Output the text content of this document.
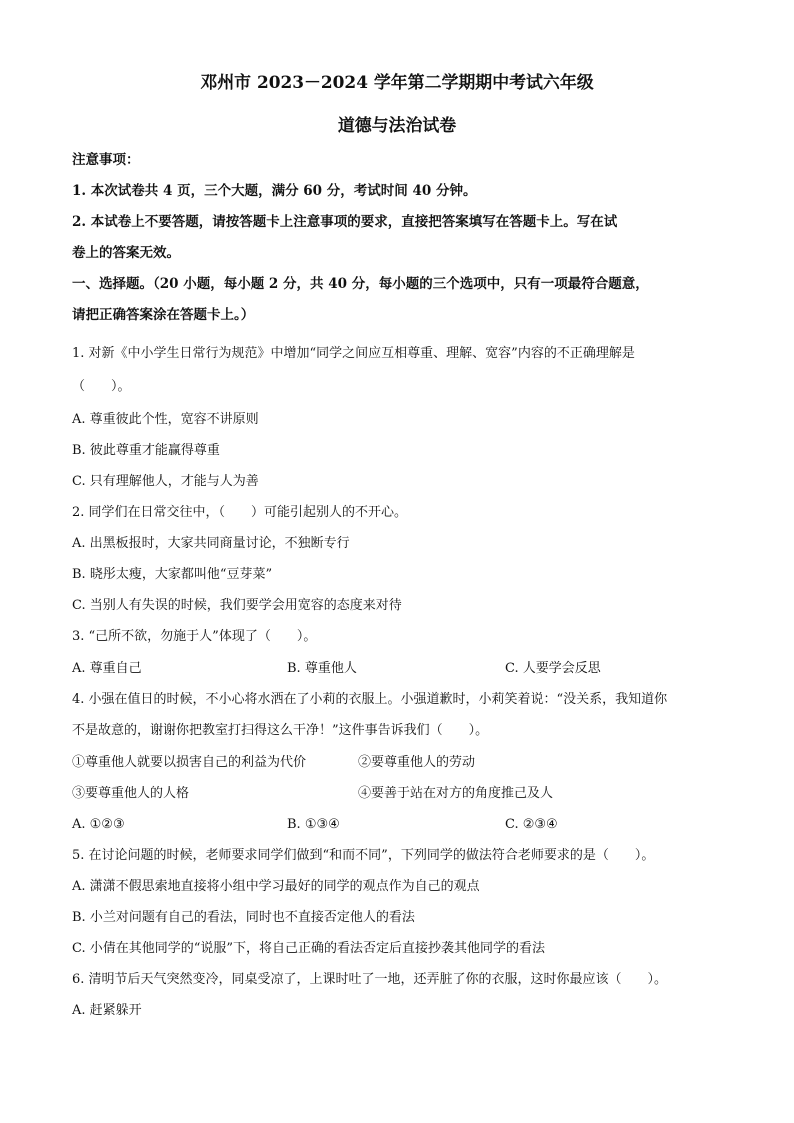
邓州市 2023－2024 学年第二学期期中考试六年级
道德与法治试卷
注意事项：
1. 本次试卷共 4 页，三个大题，满分 60 分，考试时间 40 分钟。
2. 本试卷上不要答题，请按答题卡上注意事项的要求，直接把答案填写在答题卡上。写在试
卷上的答案无效。
一、选择题。（20 小题，每小题 2 分，共 40 分，每小题的三个选项中，只有一项最符合题意，
请把正确答案涂在答题卡上。）
1. 对新《中小学生日常行为规范》中增加“同学之间应互相尊重、理解、宽容”内容的不正确理解是
（　　）。
A. 尊重彼此个性，宽容不讲原则
B. 彼此尊重才能赢得尊重
C. 只有理解他人，才能与人为善
2. 同学们在日常交往中，（　　）可能引起别人的不开心。
A. 出黑板报时，大家共同商量讨论，不独断专行
B. 晓彤太瘦，大家都叫他“豆芽菜”
C. 当别人有失误的时候，我们要学会用宽容的态度来对待
3. “己所不欲，勿施于人”体现了（　　）。
A. 尊重自己	B. 尊重他人	C. 人要学会反思
4. 小强在值日的时候，不小心将水洒在了小莉的衣服上。小强道歉时，小莉笑着说：“没关系，我知道你
不是故意的，谢谢你把教室打扫得这么干净！”这件事告诉我们（　　）。
①尊重他人就要以损害自己的利益为代价	②要尊重他人的劳动
③要尊重他人的人格	④要善于站在对方的角度推己及人
A. ①②③	B. ①③④	C. ②③④
5. 在讨论问题的时候，老师要求同学们做到“和而不同”，下列同学的做法符合老师要求的是（　　）。
A. 潇潇不假思索地直接将小组中学习最好的同学的观点作为自己的观点
B. 小兰对问题有自己的看法，同时也不直接否定他人的看法
C. 小倩在其他同学的“说服”下，将自己正确的看法否定后直接抄袭其他同学的看法
6. 清明节后天气突然变冷，同桌受凉了，上课时吐了一地，还弄脏了你的衣服，这时你最应该（　　）。
A. 赶紧躲开
